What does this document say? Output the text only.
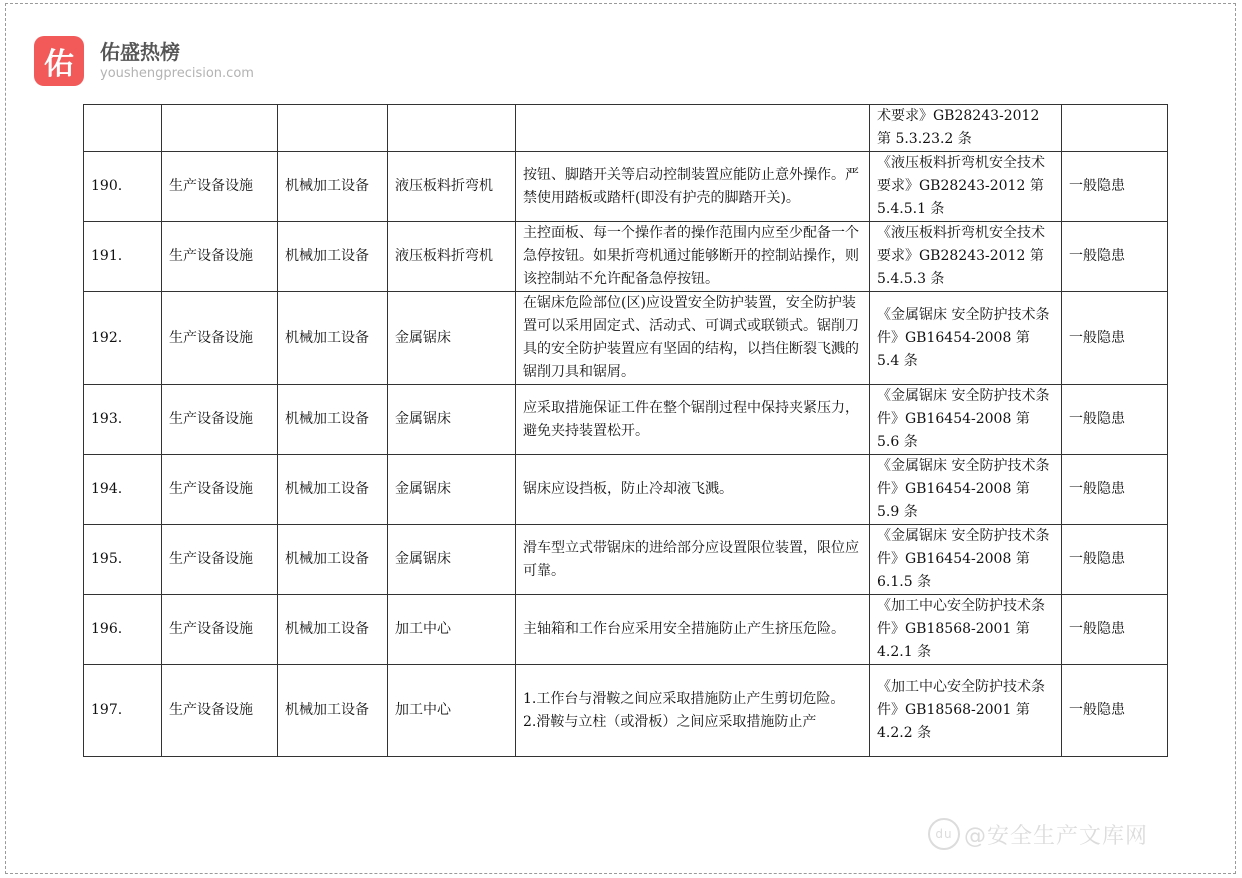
佑	佑盛热榜
youshengprecision.com
					术要求》GB28243-2012 第 5.3.23.2 条	
190.	生产设备设施	机械加工设备	液压板料折弯机	按钮、脚踏开关等启动控制装置应能防止意外操作。严禁使用踏板或踏杆(即没有护壳的脚踏开关)。	《液压板料折弯机安全技术要求》GB28243-2012 第 5.4.5.1 条	一般隐患
191.	生产设备设施	机械加工设备	液压板料折弯机	主控面板、每一个操作者的操作范围内应至少配备一个急停按钮。如果折弯机通过能够断开的控制站操作，则该控制站不允许配备急停按钮。	《液压板料折弯机安全技术要求》GB28243-2012 第 5.4.5.3 条	一般隐患
192.	生产设备设施	机械加工设备	金属锯床	在锯床危险部位(区)应设置安全防护装置，安全防护装置可以采用固定式、活动式、可调式或联锁式。锯削刀具的安全防护装置应有坚固的结构，以挡住断裂飞溅的锯削刀具和锯屑。	《金属锯床 安全防护技术条件》GB16454-2008 第 5.4 条	一般隐患
193.	生产设备设施	机械加工设备	金属锯床	应采取措施保证工件在整个锯削过程中保持夹紧压力，避免夹持装置松开。	《金属锯床 安全防护技术条件》GB16454-2008 第 5.6 条	一般隐患
194.	生产设备设施	机械加工设备	金属锯床	锯床应设挡板，防止冷却液飞溅。	《金属锯床 安全防护技术条件》GB16454-2008 第 5.9 条	一般隐患
195.	生产设备设施	机械加工设备	金属锯床	滑车型立式带锯床的进给部分应设置限位装置，限位应可靠。	《金属锯床 安全防护技术条件》GB16454-2008 第 6.1.5 条	一般隐患
196.	生产设备设施	机械加工设备	加工中心	主轴箱和工作台应采用安全措施防止产生挤压危险。	《加工中心安全防护技术条件》GB18568-2001 第 4.2.1 条	一般隐患
197.	生产设备设施	机械加工设备	加工中心	1.工作台与滑鞍之间应采取措施防止产生剪切危险。
2.滑鞍与立柱（或滑板）之间应采取措施防止产	《加工中心安全防护技术条件》GB18568-2001 第 4.2.2 条	一般隐患
du @安全生产文库网
